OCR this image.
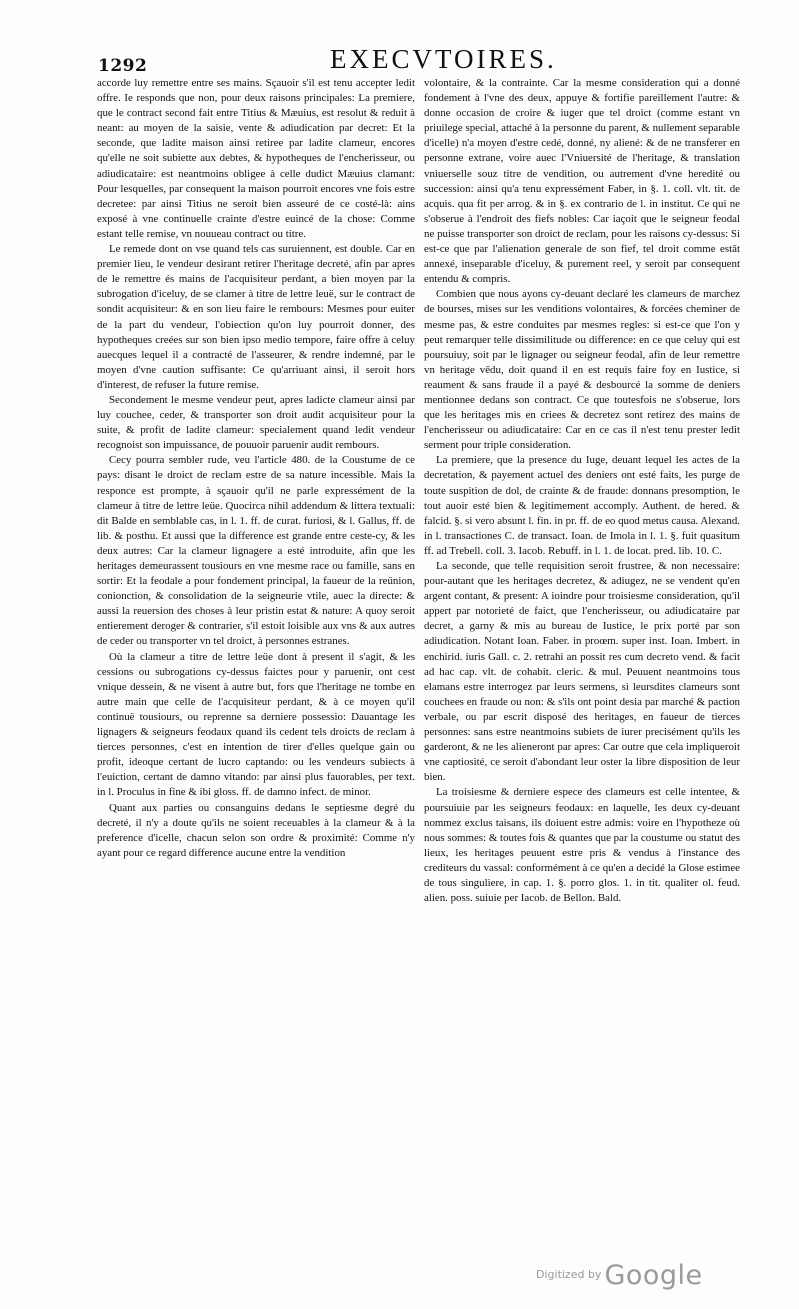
1292	EXECVTOIRES.

accorde luy remettre entre ses mains. Sçauoir s'il est tenu accepter ledit offre. Ie responds que non, pour deux raisons principales: La premiere, que le contract second fait entre Titius & Mæuius, est resolut & reduit à neant: au moyen de la saisie, vente & adiudication par decret: Et la seconde, que ladite maison ainsi retiree par ladite clameur, encores qu'elle ne soit subiette aux debtes, & hypotheques de l'encherisseur, ou adiudicataire: est neantmoins obligee à celle dudict Mæuius clamant: Pour lesquelles, par consequent la maison pourroit encores vne fois estre decretee: par ainsi Titius ne seroit bien asseuré de ce costé-là: ains exposé à vne continuelle crainte d'estre euincé de la chose: Comme estant telle remise, vn nouueau contract ou titre.

Le remede dont on vse quand tels cas suruiennent, est double. Car en premier lieu, le vendeur desirant retirer l'heritage decreté, afin par apres de le remettre és mains de l'acquisiteur perdant, a bien moyen par la subrogation d'iceluy, de se clamer à titre de lettre leuë, sur le contract de sondit acquisiteur: & en son lieu faire le rembours: Mesmes pour euiter de la part du vendeur, l'obiection qu'on luy pourroit donner, des hypotheques creées sur son bien ipso medio tempore, faire offre à celuy auecques lequel il a contracté de l'asseurer, & rendre indemné, par le moyen d'vne caution suffisante: Ce qu'arriuant ainsi, il seroit hors d'interest, de refuser la future remise.

Secondement le mesme vendeur peut, apres ladicte clameur ainsi par luy couchee, ceder, & transporter son droit audit acquisiteur pour la suite, & profit de ladite clameur: specialement quand ledit vendeur recognoist son impuissance, de pouuoir paruenir audit rembours.

Cecy pourra sembler rude, veu l'article 480. de la Coustume de ce pays: disant le droict de reclam estre de sa nature incessible. Mais la responce est prompte, à sçauoir qu'il ne parle expressément de la clameur à titre de lettre leüe. Quocirca nihil addendum & littera textuali: dit Balde en semblable cas, in l. 1. ff. de curat. furiosi, & l. Gallus, ff. de lib. & posthu. Et aussi que la difference est grande entre ceste-cy, & les deux autres: Car la clameur lignagere a esté introduite, afin que les heritages demeurassent tousiours en vne mesme race ou famille, sans en sortir: Et la feodale a pour fondement principal, la faueur de la reünion, conionction, & consolidation de la seigneurie vtile, auec la directe: & aussi la reuersion des choses à leur pristin estat & nature: A quoy seroit entierement deroger & contrarier, s'il estoit loisible aux vns & aux autres de ceder ou transporter vn tel droict, à personnes estranes.

Où la clameur a titre de lettre leüe dont à present il s'agit, & les cessions ou subrogations cy-dessus faictes pour y paruenir, ont cest vnique dessein, & ne visent à autre but, fors que l'heritage ne tombe en autre main que celle de l'acquisiteur perdant, & à ce moyen qu'il continuë tousiours, ou reprenne sa derniere possessio: Dauantage les lignagers & seigneurs feodaux quand ils cedent tels droicts de reclam à tierces personnes, c'est en intention de tirer d'elles quelque gain ou profit, ideoque certant de lucro captando: ou les vendeurs subiects à l'euiction, certant de damno vitando: par ainsi plus fauorables, per text. in l. Proculus in fine & ibi gloss. ff. de damno infect. de minor.

Quant aux parties ou consanguins dedans le septiesme degré du decreté, il n'y a doute qu'ils ne soient receuables à la clameur & à la preference d'icelle, chacun selon son ordre & proximité: Comme n'y ayant pour ce regard difference aucune entre la vendition

volontaire, & la contrainte. Car la mesme consideration qui a donné fondement à l'vne des deux, appuye & fortifie pareillement l'autre: & donne occasion de croire & iuger que tel droict (comme estant vn priuilege special, attaché à la personne du parent, & nullement separable d'icelle) n'a moyen d'estre cedé, donné, ny aliené: & de ne transferer en personne extrane, voire auec l'Vniuersité de l'heritage, & translation vniuerselle souz titre de vendition, ou autrement d'vne heredité ou succession: ainsi qu'a tenu expressément Faber, in §. 1. coll. vlt. tit. de acquis. qua fit per arrog. & in §. ex contrario de l. in institut. Ce qui ne s'obserue à l'endroit des fiefs nobles: Car iaçoit que le seigneur feodal ne puisse transporter son droict de reclam, pour les raisons cy-dessus: Si est-ce que par l'alienation generale de son fief, tel droit comme estāt annexé, inseparable d'iceluy, & purement reel, y seroit par consequent entendu & compris.

Combien que nous ayons cy-deuant declaré les clameurs de marchez de bourses, mises sur les venditions volontaires, & forcées cheminer de mesme pas, & estre conduites par mesmes regles: si est-ce que l'on y peut remarquer telle dissimilitude ou difference: en ce que celuy qui est poursuiuy, soit par le lignager ou seigneur feodal, afin de leur remettre vn heritage vēdu, doit quand il en est requis faire foy en Iustice, si reaument & sans fraude il a payé & desbourcé la somme de deniers mentionnee dedans son contract. Ce que toutesfois ne s'obserue, lors que les heritages mis en criees & decretez sont retirez des mains de l'encherisseur ou adiudicataire: Car en ce cas il n'est tenu prester ledit serment pour triple consideration.

La premiere, que la presence du Iuge, deuant lequel les actes de la decretation, & payement actuel des deniers ont esté faits, les purge de toute suspition de dol, de crainte & de fraude: donnans presomption, le tout auoir esté bien & legitimement accomply. Authent. de hered. & falcid. §. si vero absunt l. fin. in pr. ff. de eo quod metus causa. Alexand. in l. transactiones C. de transact. Ioan. de Imola in l. 1. §. fuit quasitum ff. ad Trebell. coll. 3. Iacob. Rebuff. in l. 1. de locat. pred. lib. 10. C.

La seconde, que telle requisition seroit frustree, & non necessaire: pour-autant que les heritages decretez, & adiugez, ne se vendent qu'en argent contant, & present: A ioindre pour troisiesme consideration, qu'il appert par notorieté de faict, que l'encherisseur, ou adiudicataire par decret, a garny & mis au bureau de Iustice, le prix porté par son adiudication. Notant Ioan. Faber. in proœm. super inst. Ioan. Imbert. in enchirid. iuris Gall. c. 2. retrahi an possit res cum decreto vend. & facit ad hac cap. vlt. de cohabit. cleric. & mul. Peuuent neantmoins tous elamans estre interrogez par leurs sermens, si leursdites clameurs sont couchees en fraude ou non: & s'ils ont point desia par marché & paction verbale, ou par escrit disposé des heritages, en faueur de tierces personnes: sans estre neantmoins subiets de iurer precisément qu'ils les garderont, & ne les alieneront par apres: Car outre que cela impliqueroit vne captiosité, ce seroit d'abondant leur oster la libre disposition de leur bien.

La troisiesme & derniere espece des clameurs est celle intentee, & poursuiuie par les seigneurs feodaux: en laquelle, les deux cy-deuant nommez exclus taisans, ils doiuent estre admis: voire en l'hypotheze où nous sommes: & toutes fois & quantes que par la coustume ou statut des lieux, les heritages peuuent estre pris & vendus à l'instance des crediteurs du vassal: conformément à ce qu'en a decidé la Glose estimee de tous singuliere, in cap. 1. §. porro glos. 1. in tit. qualiter ol. feud. alien. poss. suiuie per Iacob. de Bellon. Bald.

$^{Digitized by}$ Google
